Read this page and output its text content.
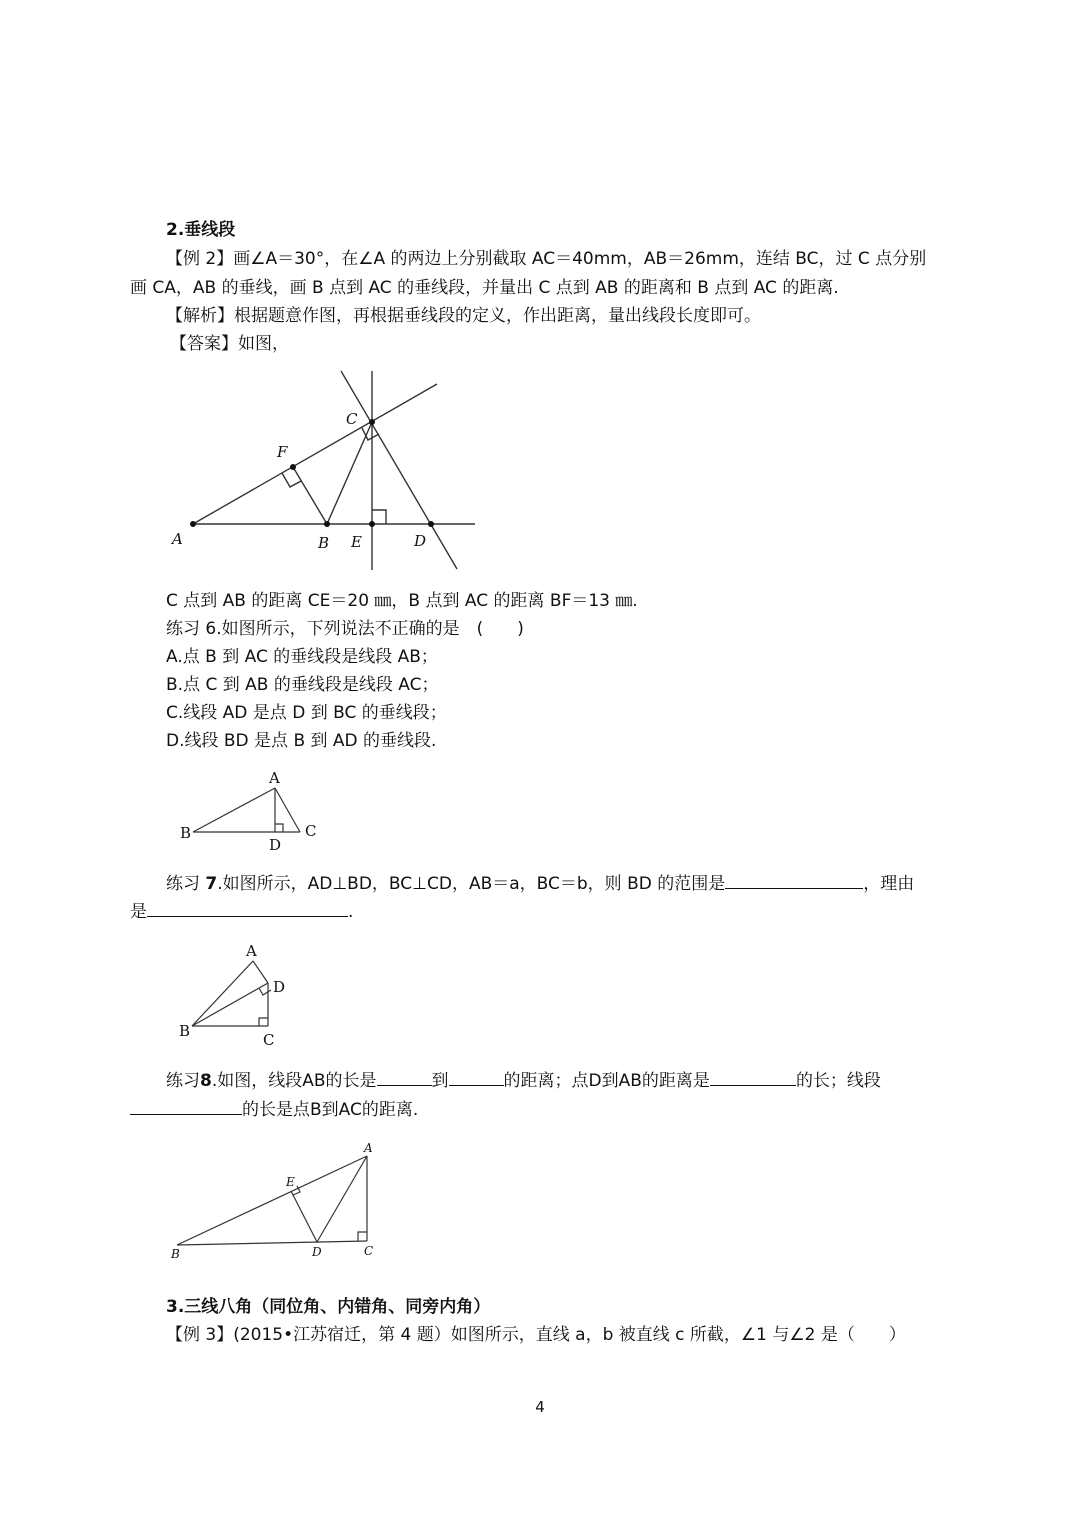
2.垂线段
【例 2】画∠A＝30°，在∠A 的两边上分别截取 AC＝40mm，AB＝26mm，连结 BC，过 C 点分别
画 CA，AB 的垂线，画 B 点到 AC 的垂线段，并量出 C 点到 AB 的距离和 B 点到 AC 的距离.
【解析】根据题意作图，再根据垂线段的定义，作出距离，量出线段长度即可。
【答案】如图，
A	B E	D
F
C
C 点到 AB 的距离 CE＝20 ㎜，B 点到 AC 的距离 BF＝13 ㎜.
练习 6.如图所示，下列说法不正确的是　(　　)
A.点 B 到 AC 的垂线段是线段 AB；
B.点 C 到 AB 的垂线段是线段 AC；
C.线段 AD 是点 D 到 BC 的垂线段；
D.线段 BD 是点 B 到 AD 的垂线段.
A
B	C
D
练习 7.如图所示，AD⊥BD，BC⊥CD，AB＝a，BC＝b，则 BD 的范围是	，理由
是	.
A
B	C
D
练习8.如图，线段AB的长是	到	的距离；点D到AB的距离是	的长；线段
的长是点B到AC的距离.
A
B	C
D
E
3.三线八角（同位角、内错角、同旁内角）
【例 3】(2015•江苏宿迁，第 4 题）如图所示，直线 a，b 被直线 c 所截，∠1 与∠2 是（　　）
4
